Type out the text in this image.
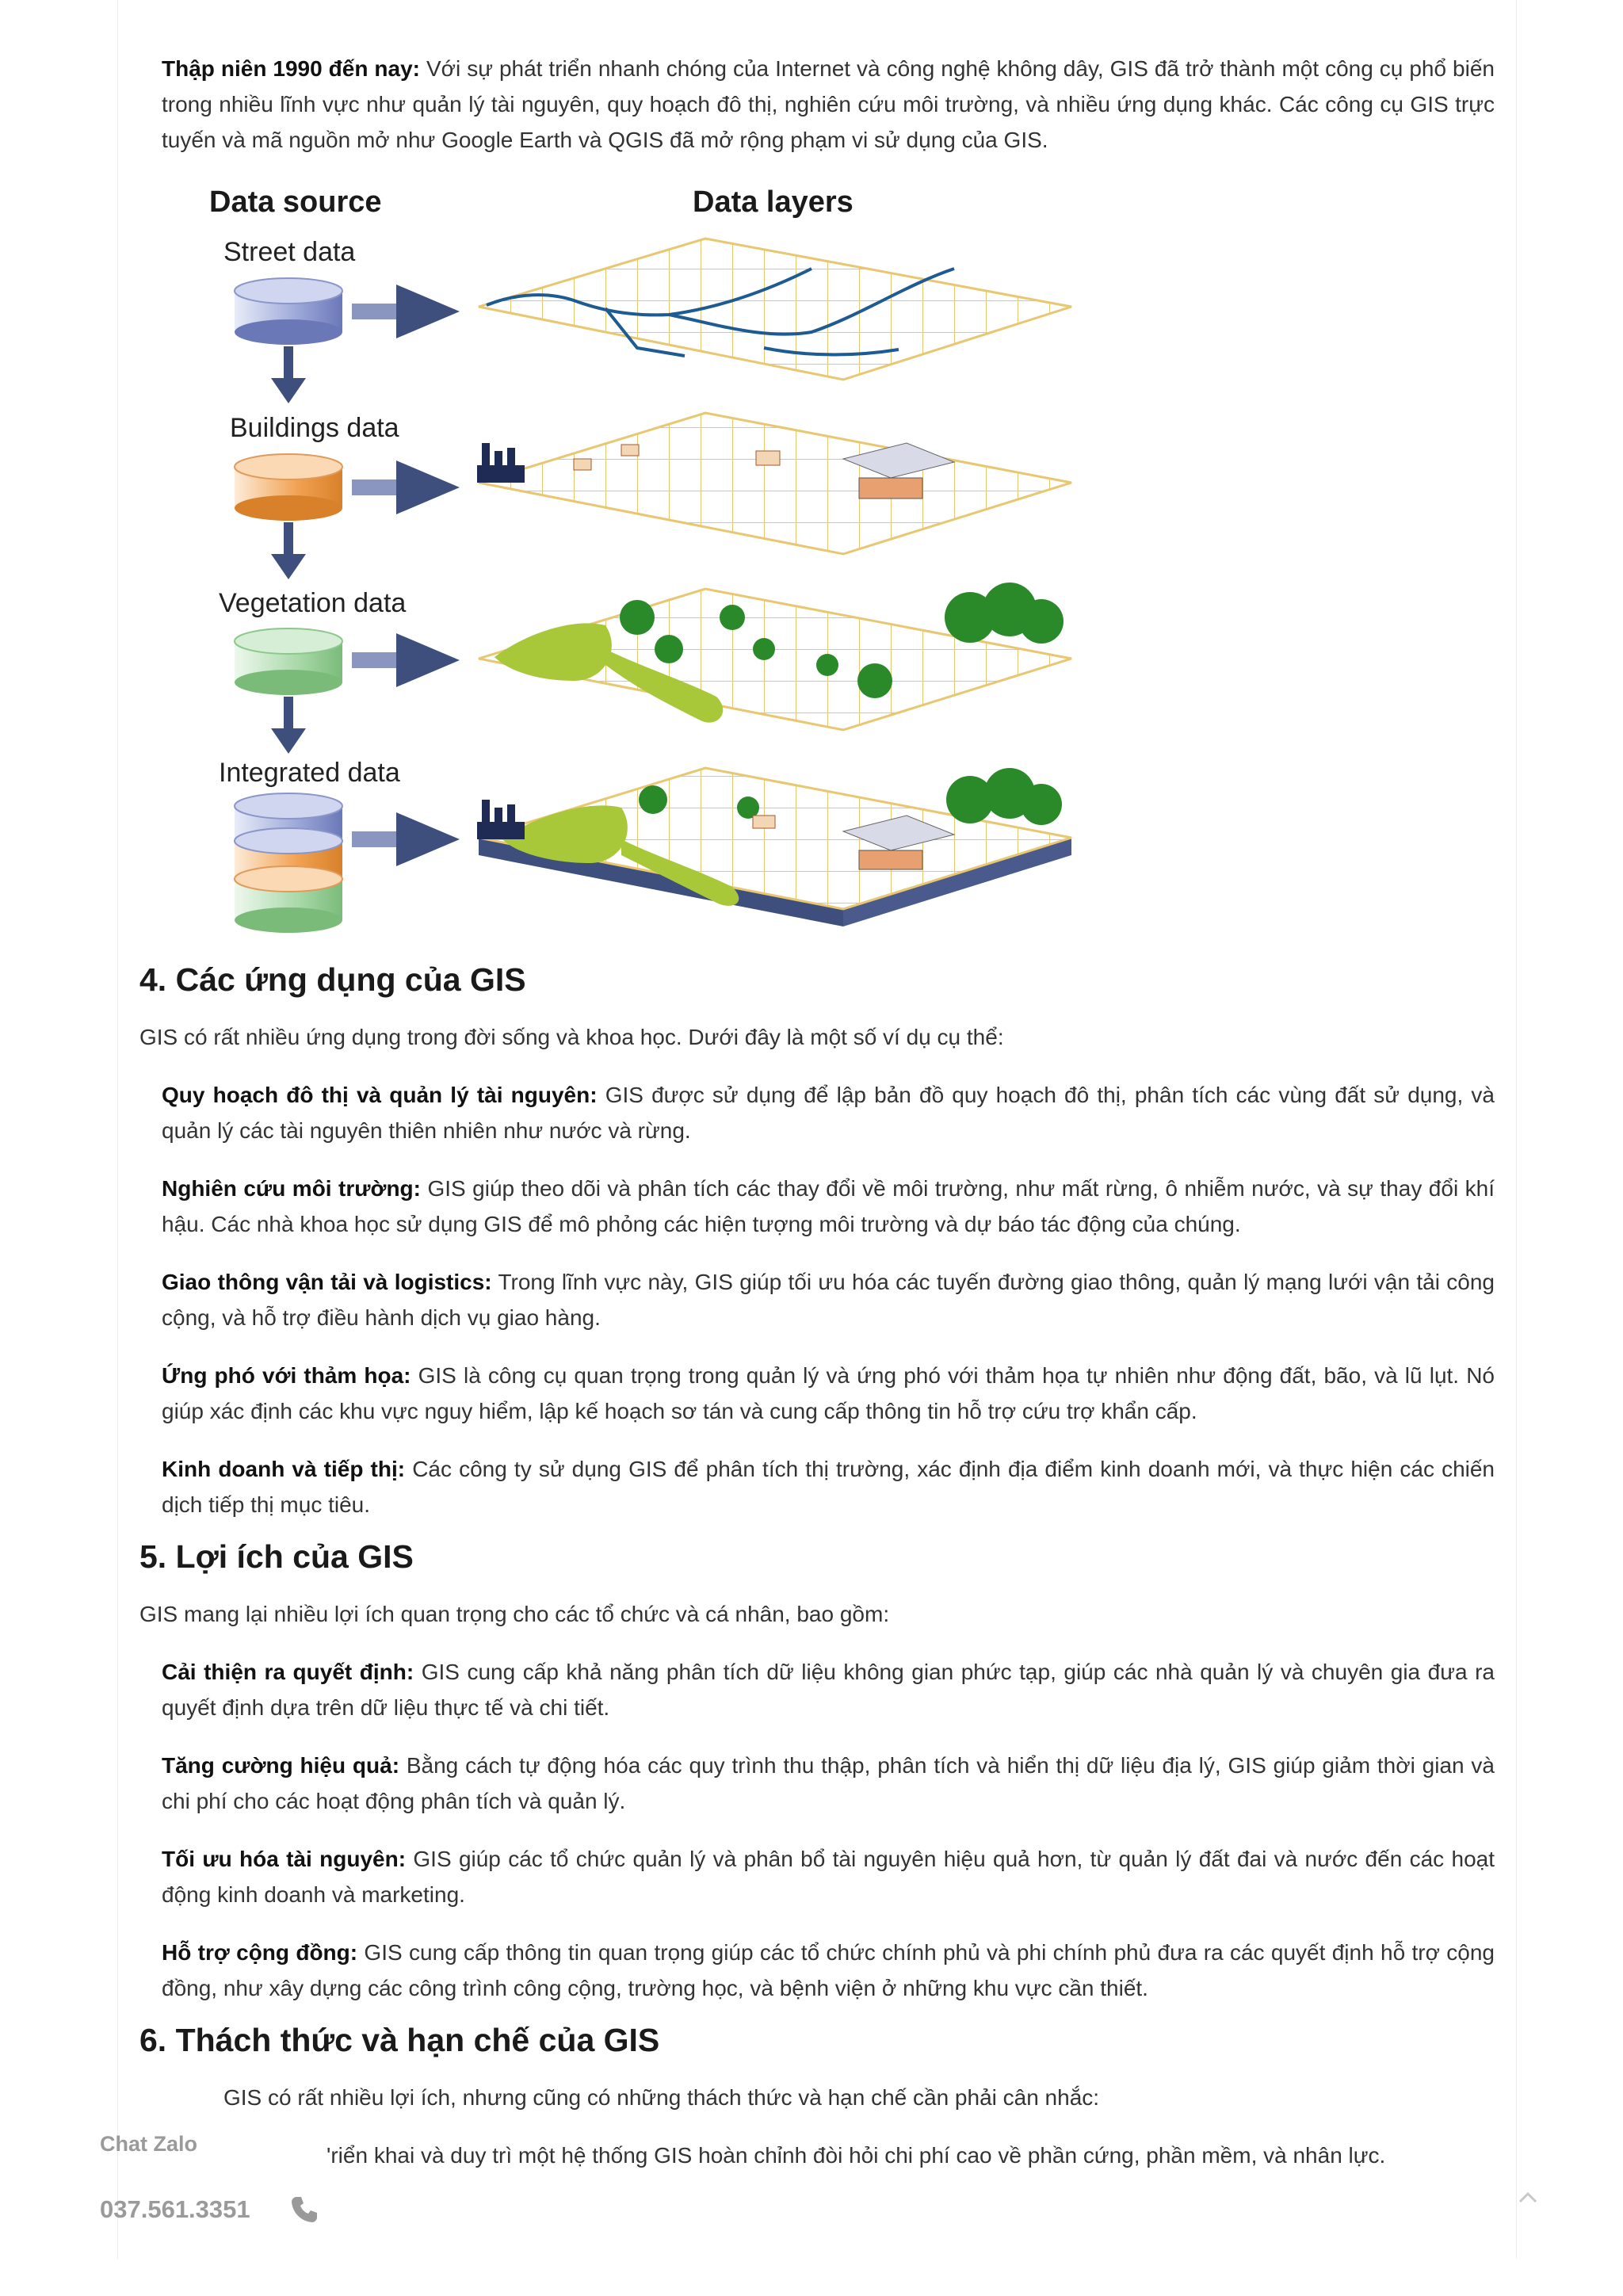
Thập niên 1990 đến nay: Với sự phát triển nhanh chóng của Internet và công nghệ không dây, GIS đã trở thành một công cụ phổ biến trong nhiều lĩnh vực như quản lý tài nguyên, quy hoạch đô thị, nghiên cứu môi trường, và nhiều ứng dụng khác. Các công cụ GIS trực tuyến và mã nguồn mở như Google Earth và QGIS đã mở rộng phạm vi sử dụng của GIS.

Data source	Data layers
Street data
Buildings data
Vegetation data
Integrated data
4. Các ứng dụng của GIS

GIS có rất nhiều ứng dụng trong đời sống và khoa học. Dưới đây là một số ví dụ cụ thể:

Quy hoạch đô thị và quản lý tài nguyên: GIS được sử dụng để lập bản đồ quy hoạch đô thị, phân tích các vùng đất sử dụng, và quản lý các tài nguyên thiên nhiên như nước và rừng.

Nghiên cứu môi trường: GIS giúp theo dõi và phân tích các thay đổi về môi trường, như mất rừng, ô nhiễm nước, và sự thay đổi khí hậu. Các nhà khoa học sử dụng GIS để mô phỏng các hiện tượng môi trường và dự báo tác động của chúng.

Giao thông vận tải và logistics: Trong lĩnh vực này, GIS giúp tối ưu hóa các tuyến đường giao thông, quản lý mạng lưới vận tải công cộng, và hỗ trợ điều hành dịch vụ giao hàng.

Ứng phó với thảm họa: GIS là công cụ quan trọng trong quản lý và ứng phó với thảm họa tự nhiên như động đất, bão, và lũ lụt. Nó giúp xác định các khu vực nguy hiểm, lập kế hoạch sơ tán và cung cấp thông tin hỗ trợ cứu trợ khẩn cấp.

Kinh doanh và tiếp thị: Các công ty sử dụng GIS để phân tích thị trường, xác định địa điểm kinh doanh mới, và thực hiện các chiến dịch tiếp thị mục tiêu.

5. Lợi ích của GIS

GIS mang lại nhiều lợi ích quan trọng cho các tổ chức và cá nhân, bao gồm:

Cải thiện ra quyết định: GIS cung cấp khả năng phân tích dữ liệu không gian phức tạp, giúp các nhà quản lý và chuyên gia đưa ra quyết định dựa trên dữ liệu thực tế và chi tiết.

Tăng cường hiệu quả: Bằng cách tự động hóa các quy trình thu thập, phân tích và hiển thị dữ liệu địa lý, GIS giúp giảm thời gian và chi phí cho các hoạt động phân tích và quản lý.

Tối ưu hóa tài nguyên: GIS giúp các tổ chức quản lý và phân bổ tài nguyên hiệu quả hơn, từ quản lý đất đai và nước đến các hoạt động kinh doanh và marketing.

Hỗ trợ cộng đồng: GIS cung cấp thông tin quan trọng giúp các tổ chức chính phủ và phi chính phủ đưa ra các quyết định hỗ trợ cộng đồng, như xây dựng các công trình công cộng, trường học, và bệnh viện ở những khu vực cần thiết.

6. Thách thức và hạn chế của GIS

GIS có rất nhiều lợi ích, nhưng cũng có những thách thức và hạn chế cần phải cân nhắc:

'riển khai và duy trì một hệ thống GIS hoàn chỉnh đòi hỏi chi phí cao về phần cứng, phần mềm, và nhân lực.

Chat Zalo
037.561.3351
